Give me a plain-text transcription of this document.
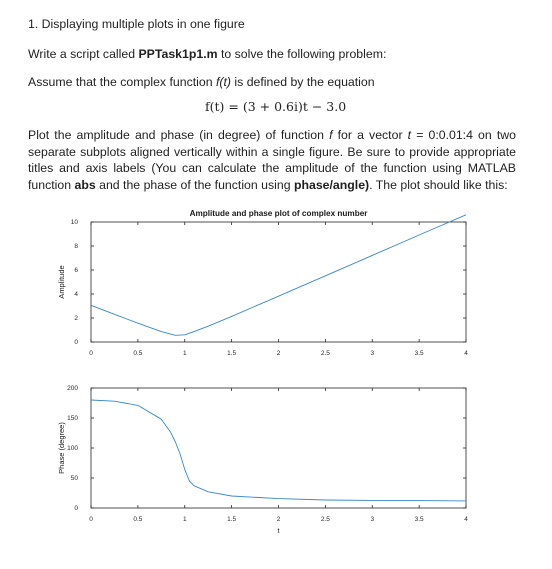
1. Displaying multiple plots in one figure
Write a script called PPTask1p1.m to solve the following problem:
Assume that the complex function f(t) is defined by the equation
f(t) = (3 + 0.6i)t − 3.0
Plot the amplitude and phase (in degree) of function f for a vector t = 0:0.01:4 on two separate subplots aligned vertically within a single figure. Be sure to provide appropriate titles and axis labels (You can calculate the amplitude of the function using MATLAB function abs and the phase of the function using phase/angle). The plot should like this:
0	0.5	1	1.5	2	2.5	3	3.5	4
0
2
4
6
8
10
Amplitude and phase plot of complex number
Amplitude
0	0.5	1	1.5	2	2.5	3	3.5	4
0
50
100
150
200
Phase (degree)
t
